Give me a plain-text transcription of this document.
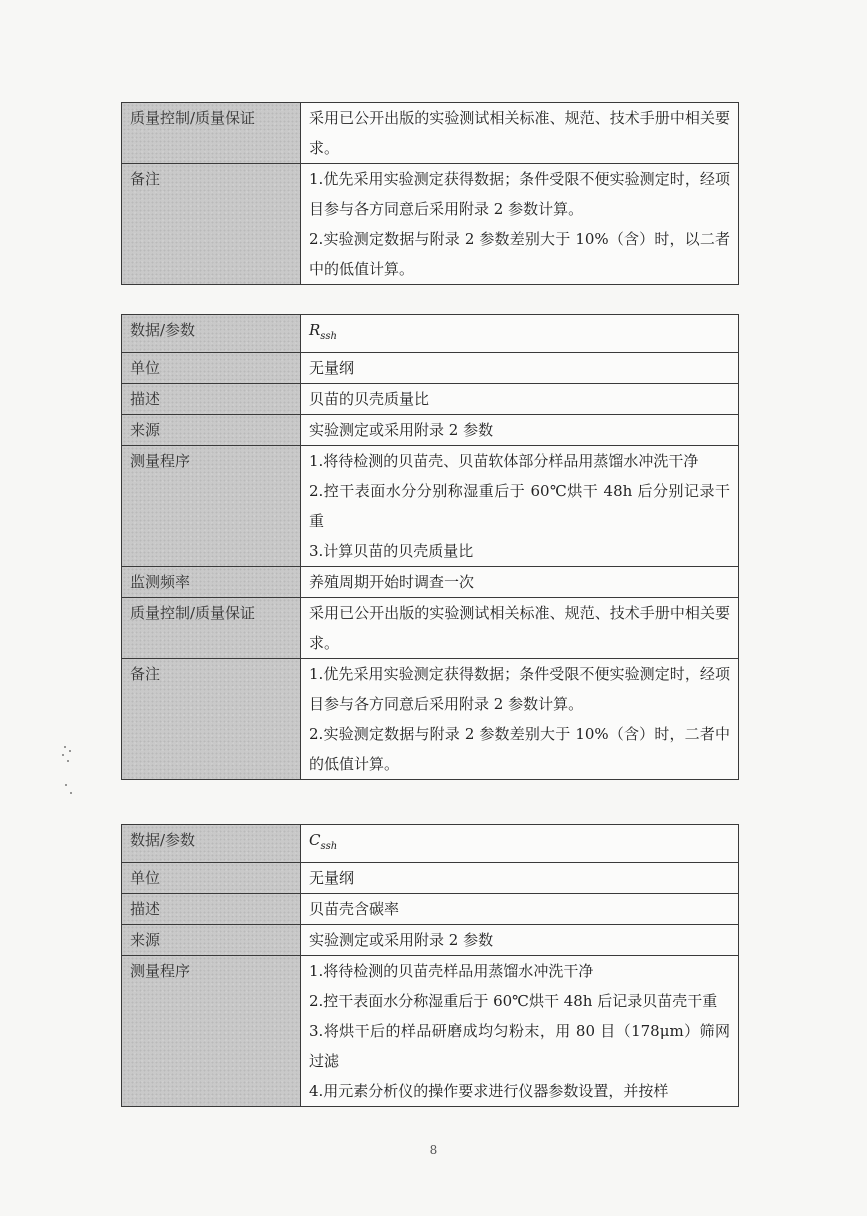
质量控制/质量保证	采用已公开出版的实验测试相关标准、规范、技术手册中相关要求。
备注	1.优先采用实验测定获得数据；条件受限不便实验测定时，经项目参与各方同意后采用附录 2 参数计算。
2.实验测定数据与附录 2 参数差别大于 10%（含）时，以二者中的低值计算。
数据/参数	$R_{ssh}$
单位	无量纲
描述	贝苗的贝壳质量比
来源	实验测定或采用附录 2 参数
测量程序	1.将待检测的贝苗壳、贝苗软体部分样品用蒸馏水冲洗干净
2.控干表面水分分别称湿重后于 60℃烘干 48h 后分别记录干重
3.计算贝苗的贝壳质量比

监测频率	养殖周期开始时调查一次
质量控制/质量保证	采用已公开出版的实验测试相关标准、规范、技术手册中相关要求。
备注	1.优先采用实验测定获得数据；条件受限不便实验测定时，经项目参与各方同意后采用附录 2 参数计算。
2.实验测定数据与附录 2 参数差别大于 10%（含）时，二者中的低值计算。
数据/参数	$C_{ssh}$
单位	无量纲
描述	贝苗壳含碳率
来源	实验测定或采用附录 2 参数
测量程序	1.将待检测的贝苗壳样品用蒸馏水冲洗干净
2.控干表面水分称湿重后于 60℃烘干 48h 后记录贝苗壳干重
3.将烘干后的样品研磨成均匀粉末，用 80 目（178μm）筛网过滤
4.用元素分析仪的操作要求进行仪器参数设置，并按样
8
